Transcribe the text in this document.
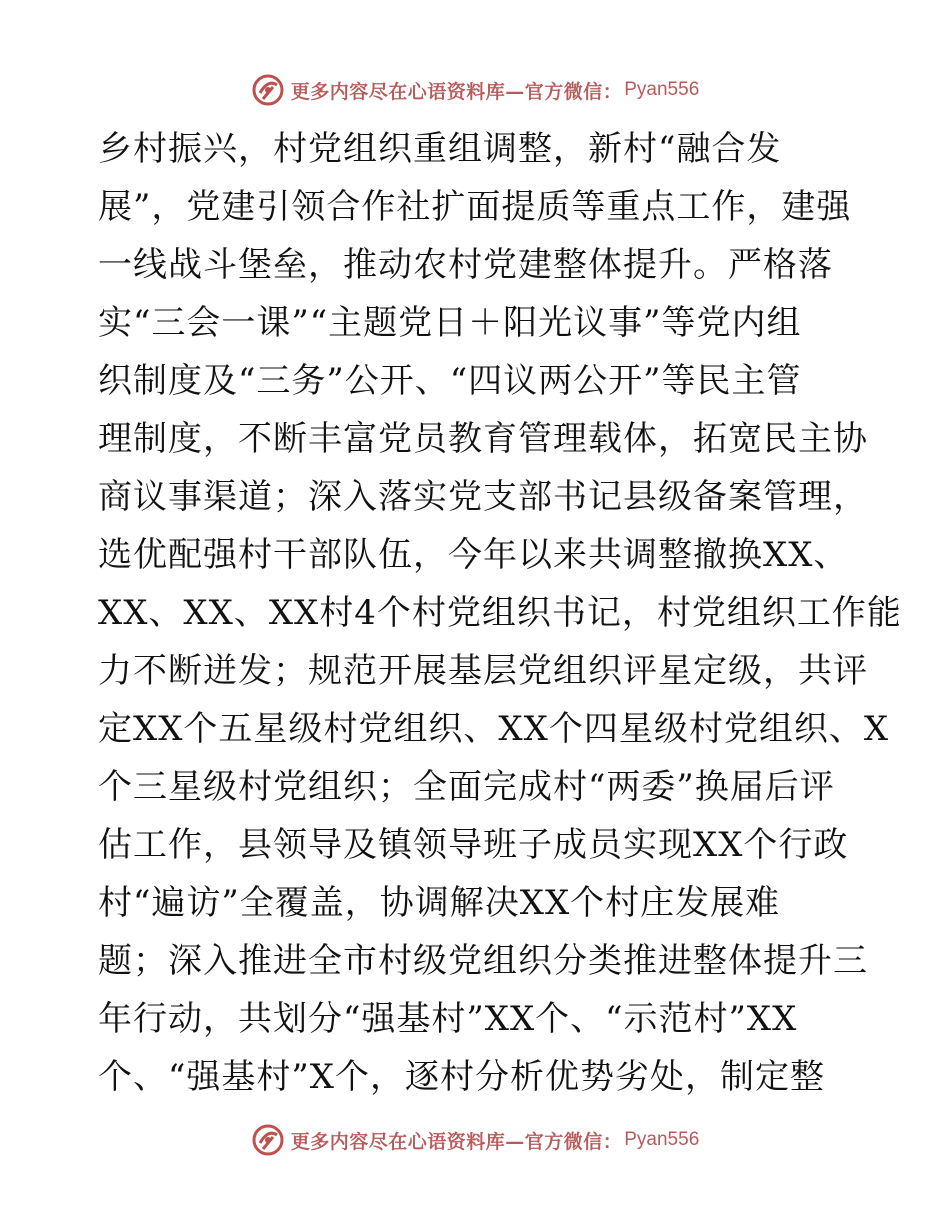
更多内容尽在心语资料库—官方微信： Pyan556
乡村振兴，村党组织重组调整，新村“融合发
展”，党建引领合作社扩面提质等重点工作，建强
一线战斗堡垒，推动农村党建整体提升。严格落
实“三会一课”“主题党日＋阳光议事”等党内组
织制度及“三务”公开、“四议两公开”等民主管
理制度，不断丰富党员教育管理载体，拓宽民主协
商议事渠道；深入落实党支部书记县级备案管理，
选优配强村干部队伍，今年以来共调整撤换XX、
XX、XX、XX村4个村党组织书记，村党组织工作能
力不断迸发；规范开展基层党组织评星定级，共评
定XX个五星级村党组织、XX个四星级村党组织、X
个三星级村党组织；全面完成村“两委”换届后评
估工作，县领导及镇领导班子成员实现XX个行政
村“遍访”全覆盖，协调解决XX个村庄发展难
题；深入推进全市村级党组织分类推进整体提升三
年行动，共划分“强基村”XX个、“示范村”XX
个、“强基村”X个，逐村分析优势劣处，制定整
更多内容尽在心语资料库—官方微信： Pyan556
